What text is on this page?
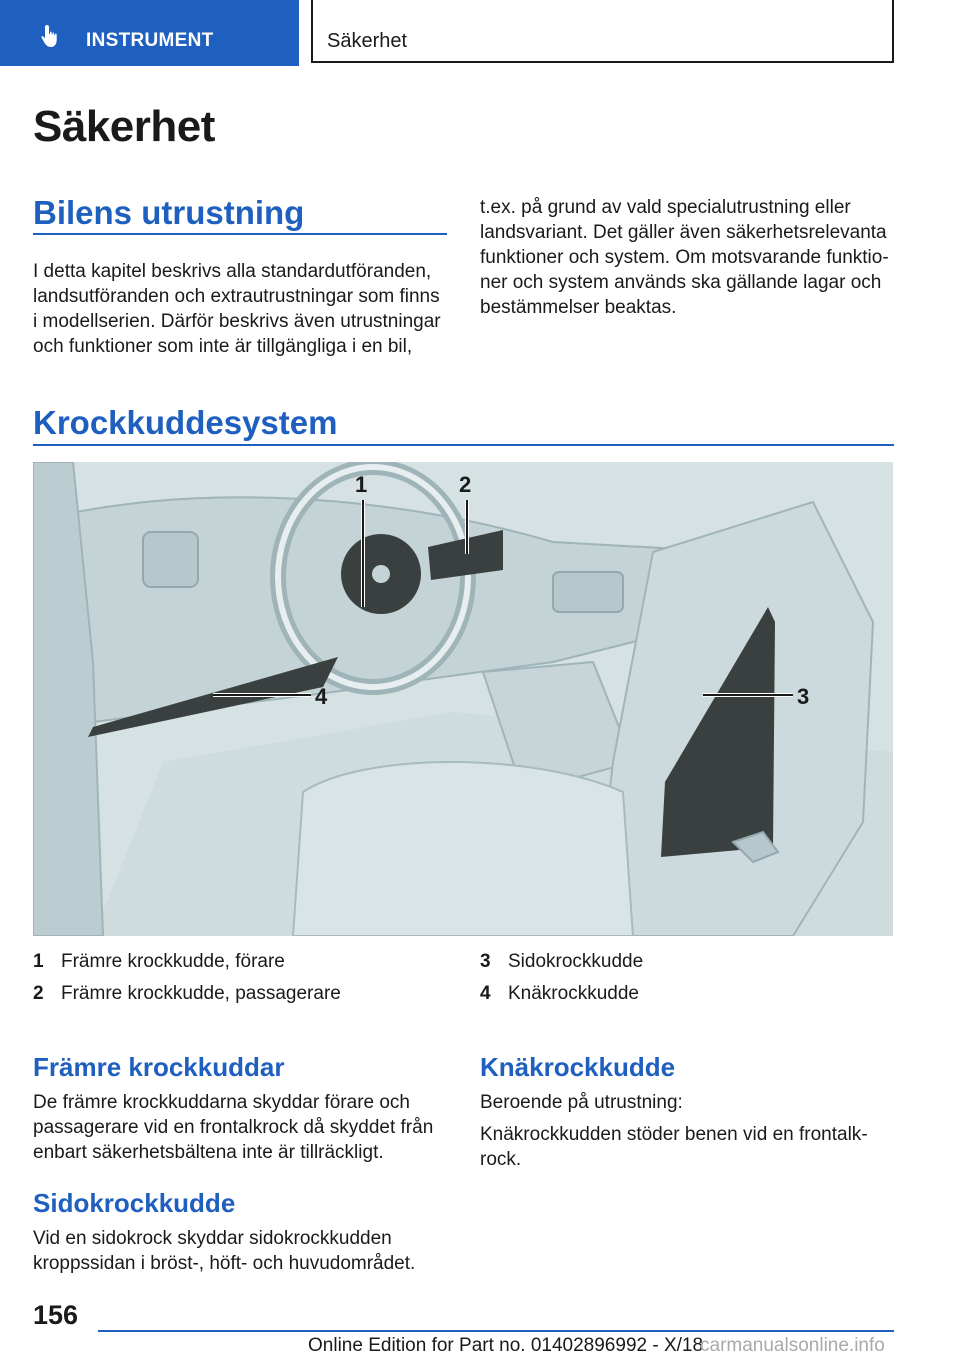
INSTRUMENT	Säkerhet
Säkerhet
Bilens utrustning

I detta kapitel beskrivs alla standardutföranden, landsutföranden och extrautrustningar som finns i modellserien. Därför beskrivs även utrustningar och funktioner som inte är tillgängliga i en bil,

t.ex. på grund av vald specialutrustning eller landsvariant. Det gäller även säkerhetsrelevanta funktioner och system. Om motsvarande funktioner och system används ska gällande lagar och bestämmelser beaktas.

Krockkuddesystem
1	2
3
4
1 Främre krockkudde, förare
2 Främre krockkudde, passagerare
3 Sidokrockkudde
4 Knäkrockkudde
Främre krockkuddar

De främre krockkuddarna skyddar förare och passagerare vid en frontalkrock då skyddet från enbart säkerhetsbältena inte är tillräckligt.

Sidokrockkudde

Vid en sidokrock skyddar sidokrockkudden kroppssidan i bröst-, höft- och huvudområdet.

Knäkrockkudde

Beroende på utrustning:

Knäkrockkudden stöder benen vid en frontalkrock.

156
Online Edition for Part no. 01402896992 - X/18
carmanualsonline.info
